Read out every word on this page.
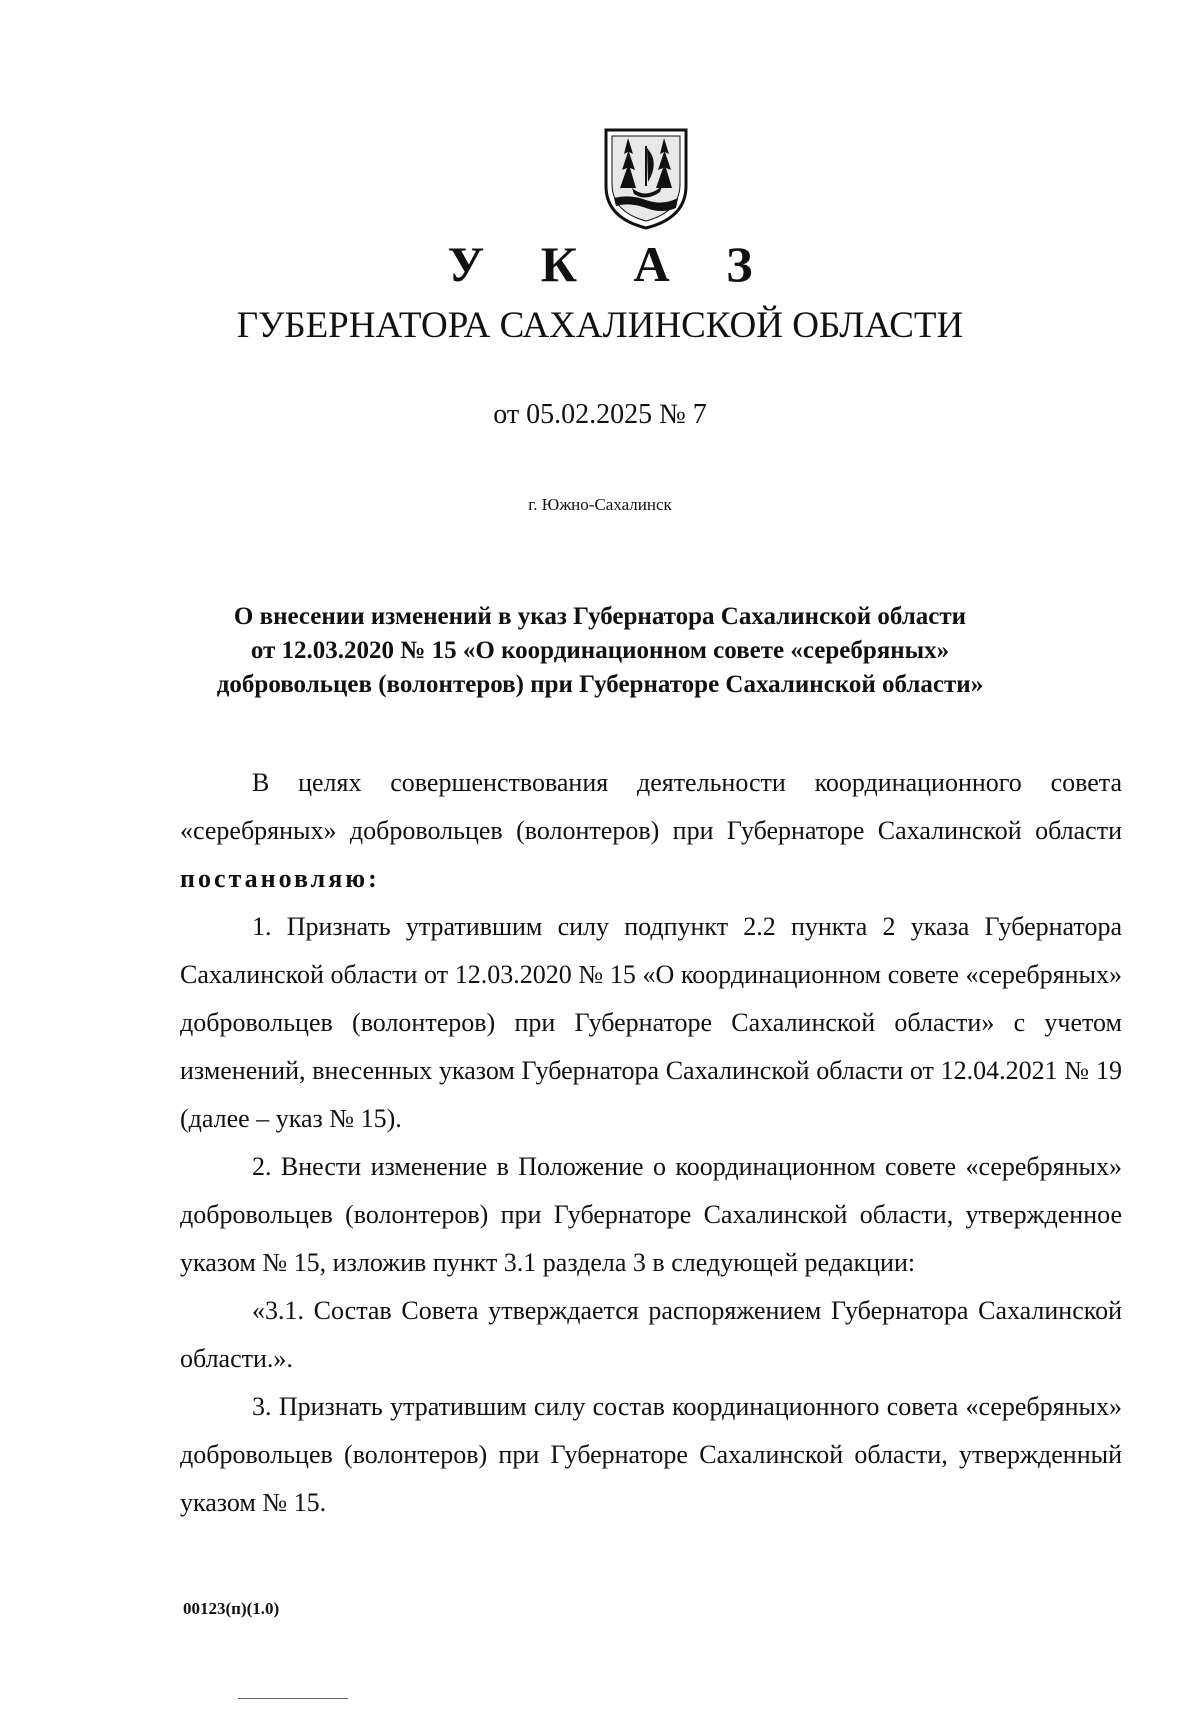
У К А З
ГУБЕРНАТОРА САХАЛИНСКОЙ ОБЛАСТИ
от 05.02.2025 № 7
г. Южно-Сахалинск
О внесении изменений в указ Губернатора Сахалинской области
от 12.03.2020 № 15 «О координационном совете «серебряных»
добровольцев (волонтеров) при Губернаторе Сахалинской области»

В целях совершенствования деятельности координационного совета «серебряных» добровольцев (волонтеров) при Губернаторе Сахалинской области постановляю:

1. Признать утратившим силу подпункт 2.2 пункта 2 указа Губернатора Сахалинской области от 12.03.2020 № 15 «О координационном совете «серебряных» добровольцев (волонтеров) при Губернаторе Сахалинской области» с учетом изменений, внесенных указом Губернатора Сахалинской области от 12.04.2021 № 19 (далее – указ № 15).

2. Внести изменение в Положение о координационном совете «серебряных» добровольцев (волонтеров) при Губернаторе Сахалинской области, утвержденное указом № 15, изложив пункт 3.1 раздела 3 в следующей редакции:

«3.1. Состав Совета утверждается распоряжением Губернатора Сахалинской области.».

3. Признать утратившим силу состав координационного совета «серебряных» добровольцев (волонтеров) при Губернаторе Сахалинской области, утвержденный указом № 15.

00123(п)(1.0)
